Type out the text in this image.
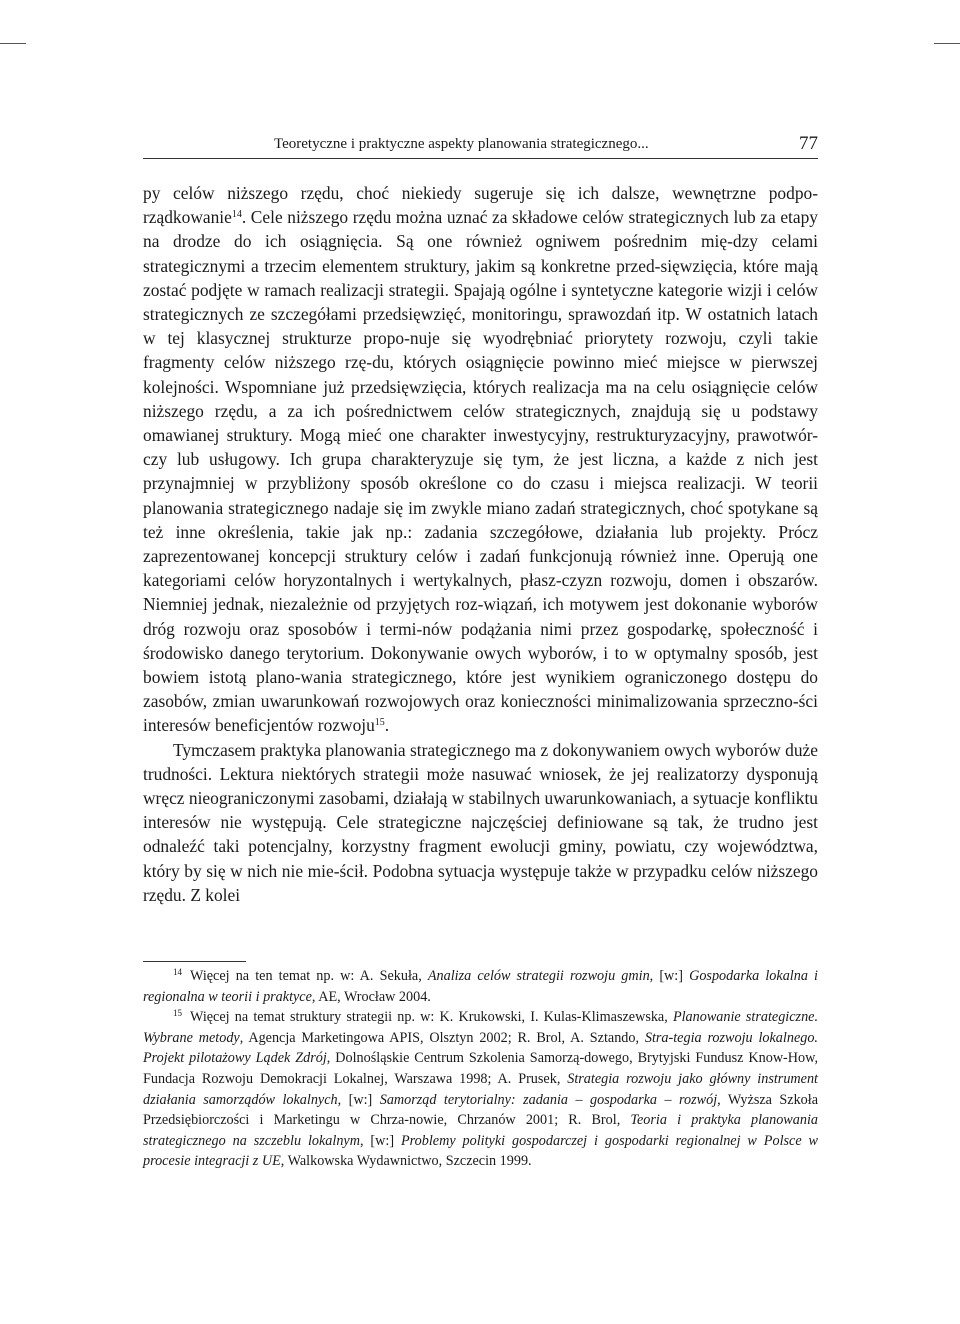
Teoretyczne i praktyczne aspekty planowania strategicznego...	77

py celów niższego rzędu, choć niekiedy sugeruje się ich dalsze, wewnętrzne podpo-rządkowanie$^{14}$. Cele niższego rzędu można uznać za składowe celów strategicznych lub za etapy na drodze do ich osiągnięcia. Są one również ogniwem pośrednim mię-dzy celami strategicznymi a trzecim elementem struktury, jakim są konkretne przed-sięwzięcia, które mają zostać podjęte w ramach realizacji strategii. Spajają ogólne i syntetyczne kategorie wizji i celów strategicznych ze szczegółami przedsięwzięć, monitoringu, sprawozdań itp. W ostatnich latach w tej klasycznej strukturze propo-nuje się wyodrębniać priorytety rozwoju, czyli takie fragmenty celów niższego rzę-du, których osiągnięcie powinno mieć miejsce w pierwszej kolejności. Wspomniane już przedsięwzięcia, których realizacja ma na celu osiągnięcie celów niższego rzędu, a za ich pośrednictwem celów strategicznych, znajdują się u podstawy omawianej struktury. Mogą mieć one charakter inwestycyjny, restrukturyzacyjny, prawotwór-czy lub usługowy. Ich grupa charakteryzuje się tym, że jest liczna, a każde z nich jest przynajmniej w przybliżony sposób określone co do czasu i miejsca realizacji. W teorii planowania strategicznego nadaje się im zwykle miano zadań strategicznych, choć spotykane są też inne określenia, takie jak np.: zadania szczegółowe, działania lub projekty. Prócz zaprezentowanej koncepcji struktury celów i zadań funkcjonują również inne. Operują one kategoriami celów horyzontalnych i wertykalnych, płasz-czyzn rozwoju, domen i obszarów. Niemniej jednak, niezależnie od przyjętych roz-wiązań, ich motywem jest dokonanie wyborów dróg rozwoju oraz sposobów i termi-nów podążania nimi przez gospodarkę, społeczność i środowisko danego terytorium. Dokonywanie owych wyborów, i to w optymalny sposób, jest bowiem istotą plano-wania strategicznego, które jest wynikiem ograniczonego dostępu do zasobów, zmian uwarunkowań rozwojowych oraz konieczności minimalizowania sprzeczno-ści interesów beneficjentów rozwoju$^{15}$.

Tymczasem praktyka planowania strategicznego ma z dokonywaniem owych wyborów duże trudności. Lektura niektórych strategii może nasuwać wniosek, że jej realizatorzy dysponują wręcz nieograniczonymi zasobami, działają w stabilnych uwarunkowaniach, a sytuacje konfliktu interesów nie występują. Cele strategiczne najczęściej definiowane są tak, że trudno jest odnaleźć taki potencjalny, korzystny fragment ewolucji gminy, powiatu, czy województwa, który by się w nich nie mie-ścił. Podobna sytuacja występuje także w przypadku celów niższego rzędu. Z kolei

$^{14}$ Więcej na ten temat np. w: A. Sekuła, Analiza celów strategii rozwoju gmin, [w:] Gospodarka lokalna i regionalna w teorii i praktyce, AE, Wrocław 2004.

$^{15}$ Więcej na temat struktury strategii np. w: K. Krukowski, I. Kulas-Klimaszewska, Planowanie strategiczne. Wybrane metody, Agencja Marketingowa APIS, Olsztyn 2002; R. Brol, A. Sztando, Stra-tegia rozwoju lokalnego. Projekt pilotażowy Lądek Zdrój, Dolnośląskie Centrum Szkolenia Samorzą-dowego, Brytyjski Fundusz Know-How, Fundacja Rozwoju Demokracji Lokalnej, Warszawa 1998; A. Prusek, Strategia rozwoju jako główny instrument działania samorządów lokalnych, [w:] Samorząd terytorialny: zadania – gospodarka – rozwój, Wyższa Szkoła Przedsiębiorczości i Marketingu w Chrza-nowie, Chrzanów 2001; R. Brol, Teoria i praktyka planowania strategicznego na szczeblu lokalnym, [w:] Problemy polityki gospodarczej i gospodarki regionalnej w Polsce w procesie integracji z UE, Walkowska Wydawnictwo, Szczecin 1999.
